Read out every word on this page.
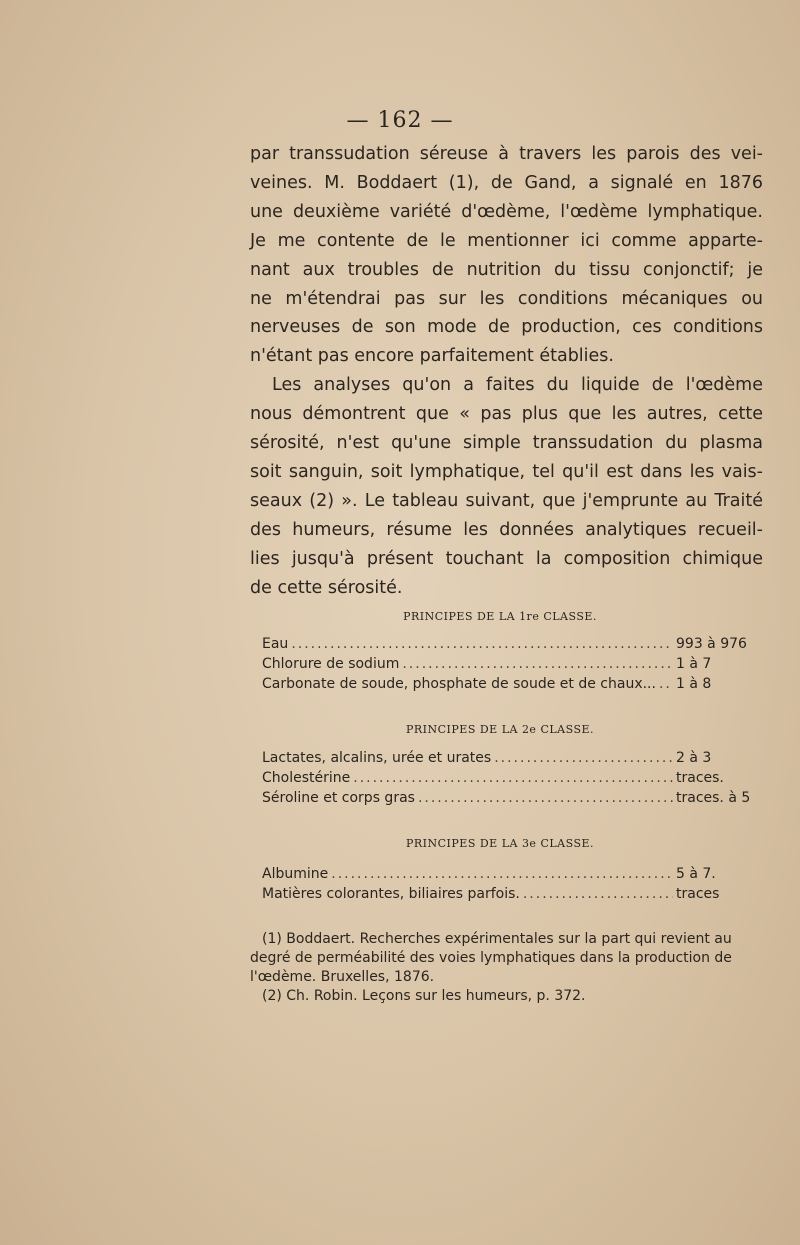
— 162 —
par transsudation séreuse à travers les parois des vei-
veines. M. Boddaert (1), de Gand, a signalé en 1876
une deuxième variété d'œdème, l'œdème lymphatique.
Je me contente de le mentionner ici comme apparte-
nant aux troubles de nutrition du tissu conjonctif; je
ne m'étendrai pas sur les conditions mécaniques ou
nerveuses de son mode de production, ces conditions
n'étant pas encore parfaitement établies.
Les analyses qu'on a faites du liquide de l'œdème
nous démontrent que « pas plus que les autres, cette
sérosité, n'est qu'une simple transsudation du plasma
soit sanguin, soit lymphatique, tel qu'il est dans les vais-
seaux (2) ». Le tableau suivant, que j'emprunte au Traité
des humeurs, résume les données analytiques recueil-
lies jusqu'à présent touchant la composition chimique
de cette sérosité.
PRINCIPES DE LA 1re CLASSE.
Eau .....	993 à 976
Chlorure de sodium .....	1 à 7
Carbonate de soude, phosphate de soude et de chaux... ..... 1 à 8
PRINCIPES DE LA 2e CLASSE.
Lactates, alcalins, urée et urates .....	2 à 3
Cholestérine .....	traces.
Séroline et corps gras .....	traces. à 5
PRINCIPES DE LA 3e CLASSE.
Albumine .....	5 à 7.
Matières colorantes, biliaires parfois. .....	traces
(1) Boddaert. Recherches expérimentales sur la part qui revient au degré de perméabilité des voies lymphatiques dans la production de l'œdème. Bruxelles, 1876.
(2) Ch. Robin. Leçons sur les humeurs, p. 372.
